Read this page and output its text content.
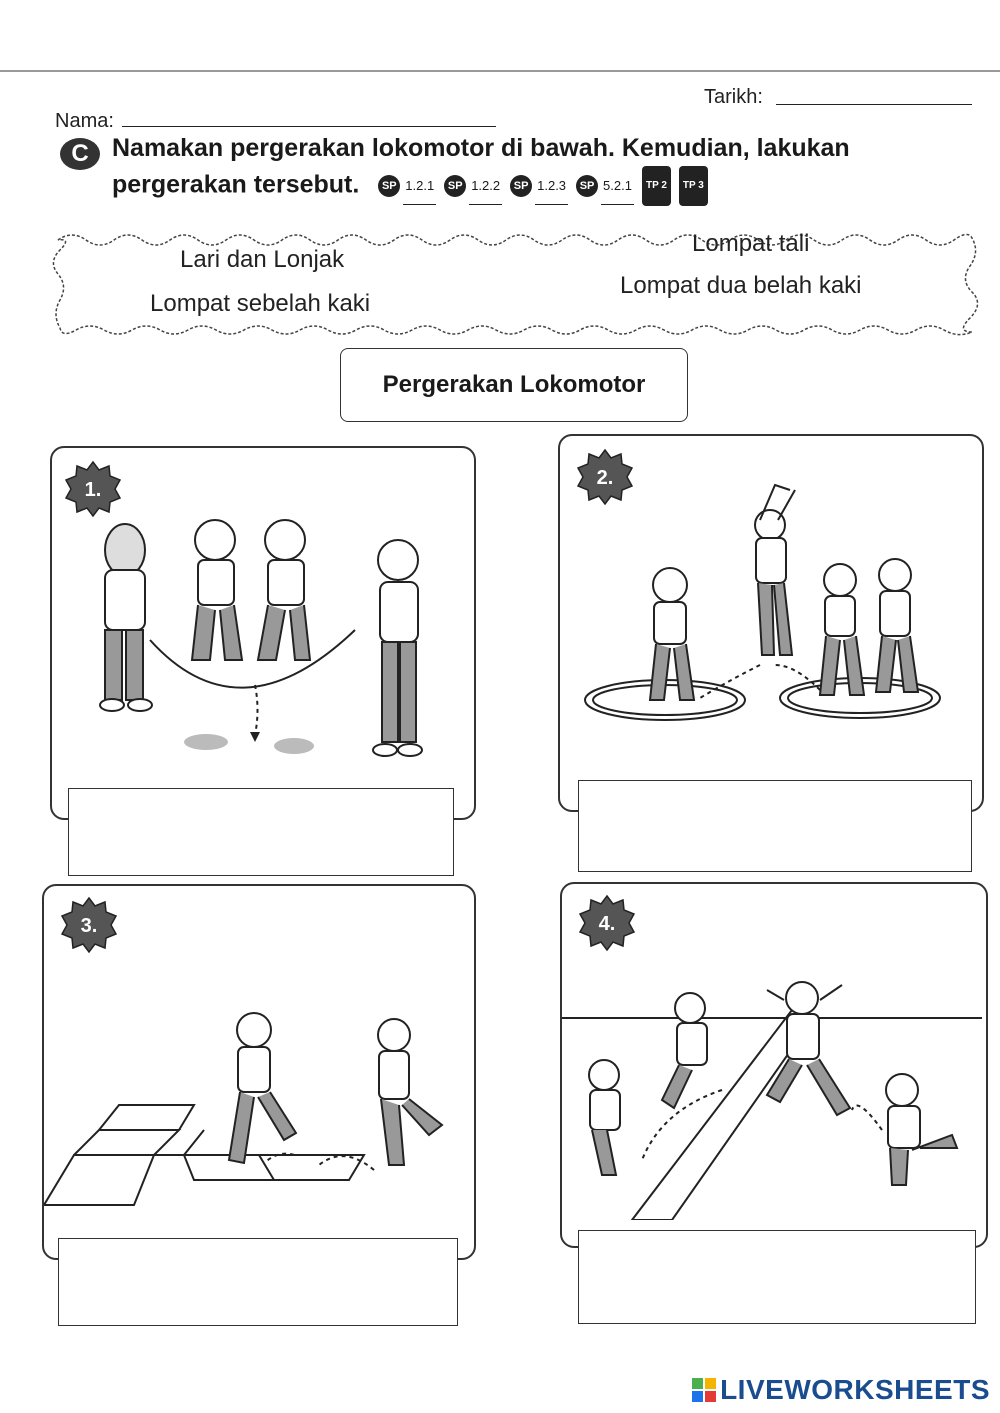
Tarikh:
Nama:
C Namakan pergerakan lokomotor di bawah. Kemudian, lakukan pergerakan tersebut.	SP 1.2.1	SP 1.2.2	SP 1.2.3	SP 5.2.1	TP 2	TP 3
Lari dan Lonjak
Lompat tali
Lompat sebelah kaki
Lompat dua belah kaki
Pergerakan Lokomotor
1.
2.
3.	4.
LIVEWORKSHEETS
